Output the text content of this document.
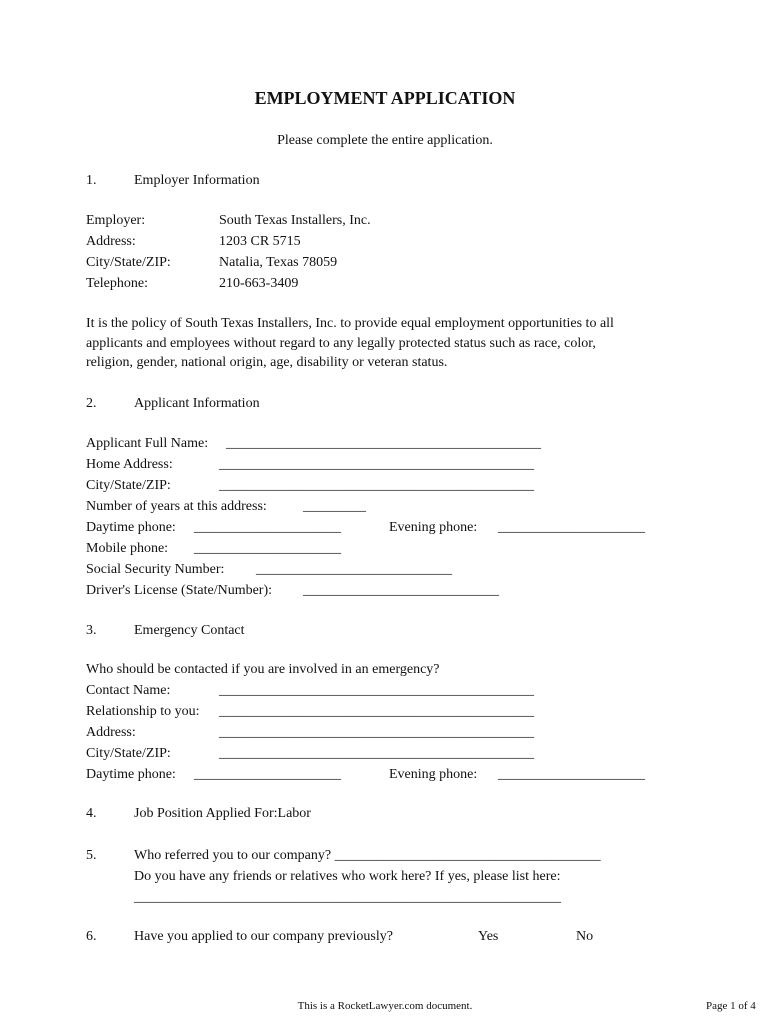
EMPLOYMENT APPLICATION
Please complete the entire application.
1.	Employer Information
Employer:	South Texas Installers, Inc.
Address:	1203 CR 5715
City/State/ZIP:	Natalia, Texas 78059
Telephone:	210-663-3409
It is the policy of South Texas Installers, Inc. to provide equal employment opportunities to all
applicants and employees without regard to any legally protected status such as race, color,
religion, gender, national origin, age, disability or veteran status.
2.	Applicant Information
Applicant Full Name: _____________________________________________
Home Address:	_____________________________________________
City/State/ZIP:	_____________________________________________
Number of years at this address:	_________
Daytime phone: _____________________	Evening phone: _____________________
Mobile phone: _____________________
Social Security Number: ____________________________
Driver's License (State/Number): ____________________________
3.	Emergency Contact
Who should be contacted if you are involved in an emergency?
Contact Name:	_____________________________________________
Relationship to you: _____________________________________________
Address:	_____________________________________________
City/State/ZIP:	_____________________________________________
Daytime phone: _____________________	Evening phone: _____________________
4.	Job Position Applied For:Labor
5.	Who referred you to our company? ______________________________________
Do you have any friends or relatives who work here? If yes, please list here:
_____________________________________________________________
6.	Have you applied to our company previously?	Yes	No
This is a RocketLawyer.com document.	Page 1 of 4
